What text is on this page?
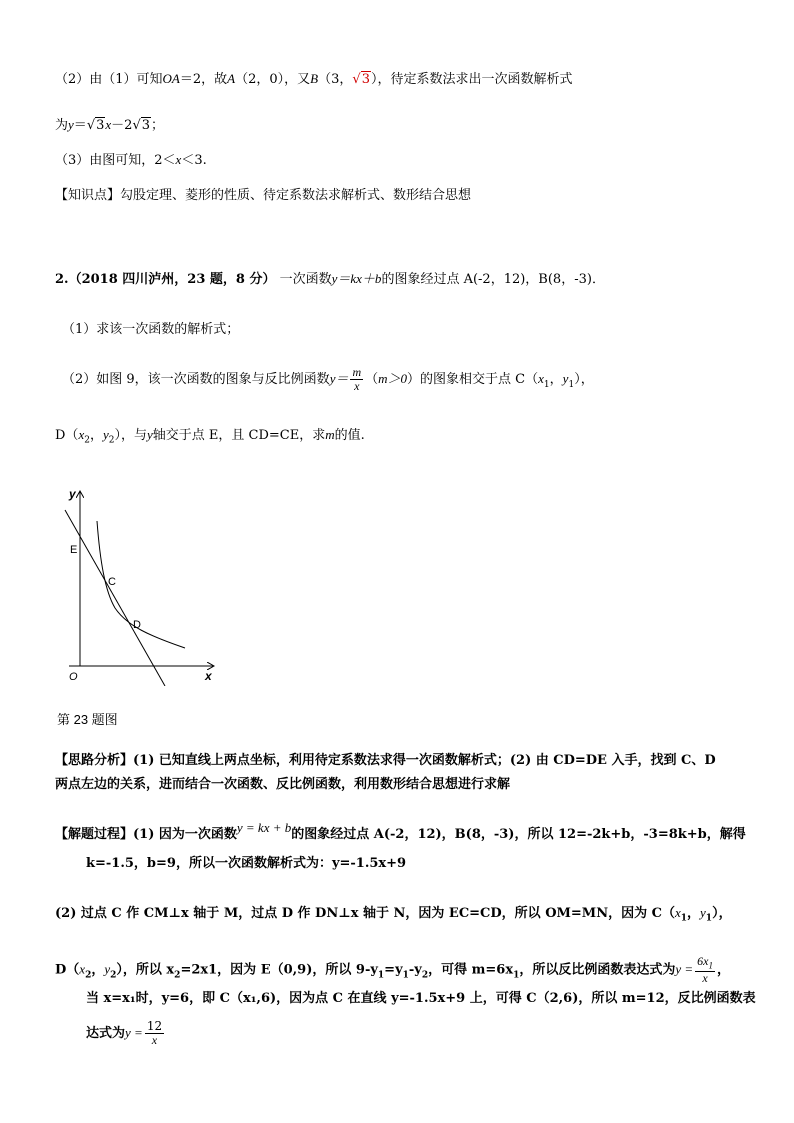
（2）由（1）可知OA＝2，故A（2，0），又B（3，√3），待定系数法求出一次函数解析式
为y＝√3x－2√3；
（3）由图可知，2＜x＜3.
【知识点】勾股定理、菱形的性质、待定系数法求解析式、数形结合思想
2.（2018 四川泸州，23 题，8 分） 一次函数y＝kx＋b的图象经过点 A(-2，12)，B(8，-3)．
（1）求该一次函数的解析式；
（2）如图 9，该一次函数的图象与反比例函数$y= \frac{m}{x} (m>0)$的图象相交于点 $C(x_1$，$y_1$），
$D(x_2$，$y_2$），与y轴交于点 E，且 CD=CE，求m的值.
y
x
O
E
C
D
第 23 题图
【思路分析】(1) 已知直线上两点坐标，利用待定系数法求得一次函数解析式；(2) 由 CD=DE 入手，找到 C、D
两点左边的关系，进而结合一次函数、反比例函数，利用数形结合思想进行求解
【解题过程】(1) 因为一次函数y = kx + b的图象经过点 A(-2，12)，B(8，-3)，所以 12=-2k+b，-3=8k+b，解得
k=-1.5，b=9，所以一次函数解析式为：y=-1.5x+9
(2) 过点 C 作 CM⊥x 轴于 M，过点 D 作 DN⊥x 轴于 N，因为 EC=CD，所以 OM=MN，因为 $C(x_1$，$y_1$），
$D(x_2$，$y_2$），所以 $x_2=2x1$，因为 E（0,9)，所以 $9-y_1=y_1-y_2$，可得 $m=6x_1$，所以反比例函数表达式为$y = \frac{6x_1}{x}$ ，
当 x=x₁时，y=6，即 C（x₁,6)，因为点 C 在直线 y=-1.5x+9 上，可得 C（2,6)，所以 m=12，反比例函数表
达式为$y = \frac{12}{x}$
